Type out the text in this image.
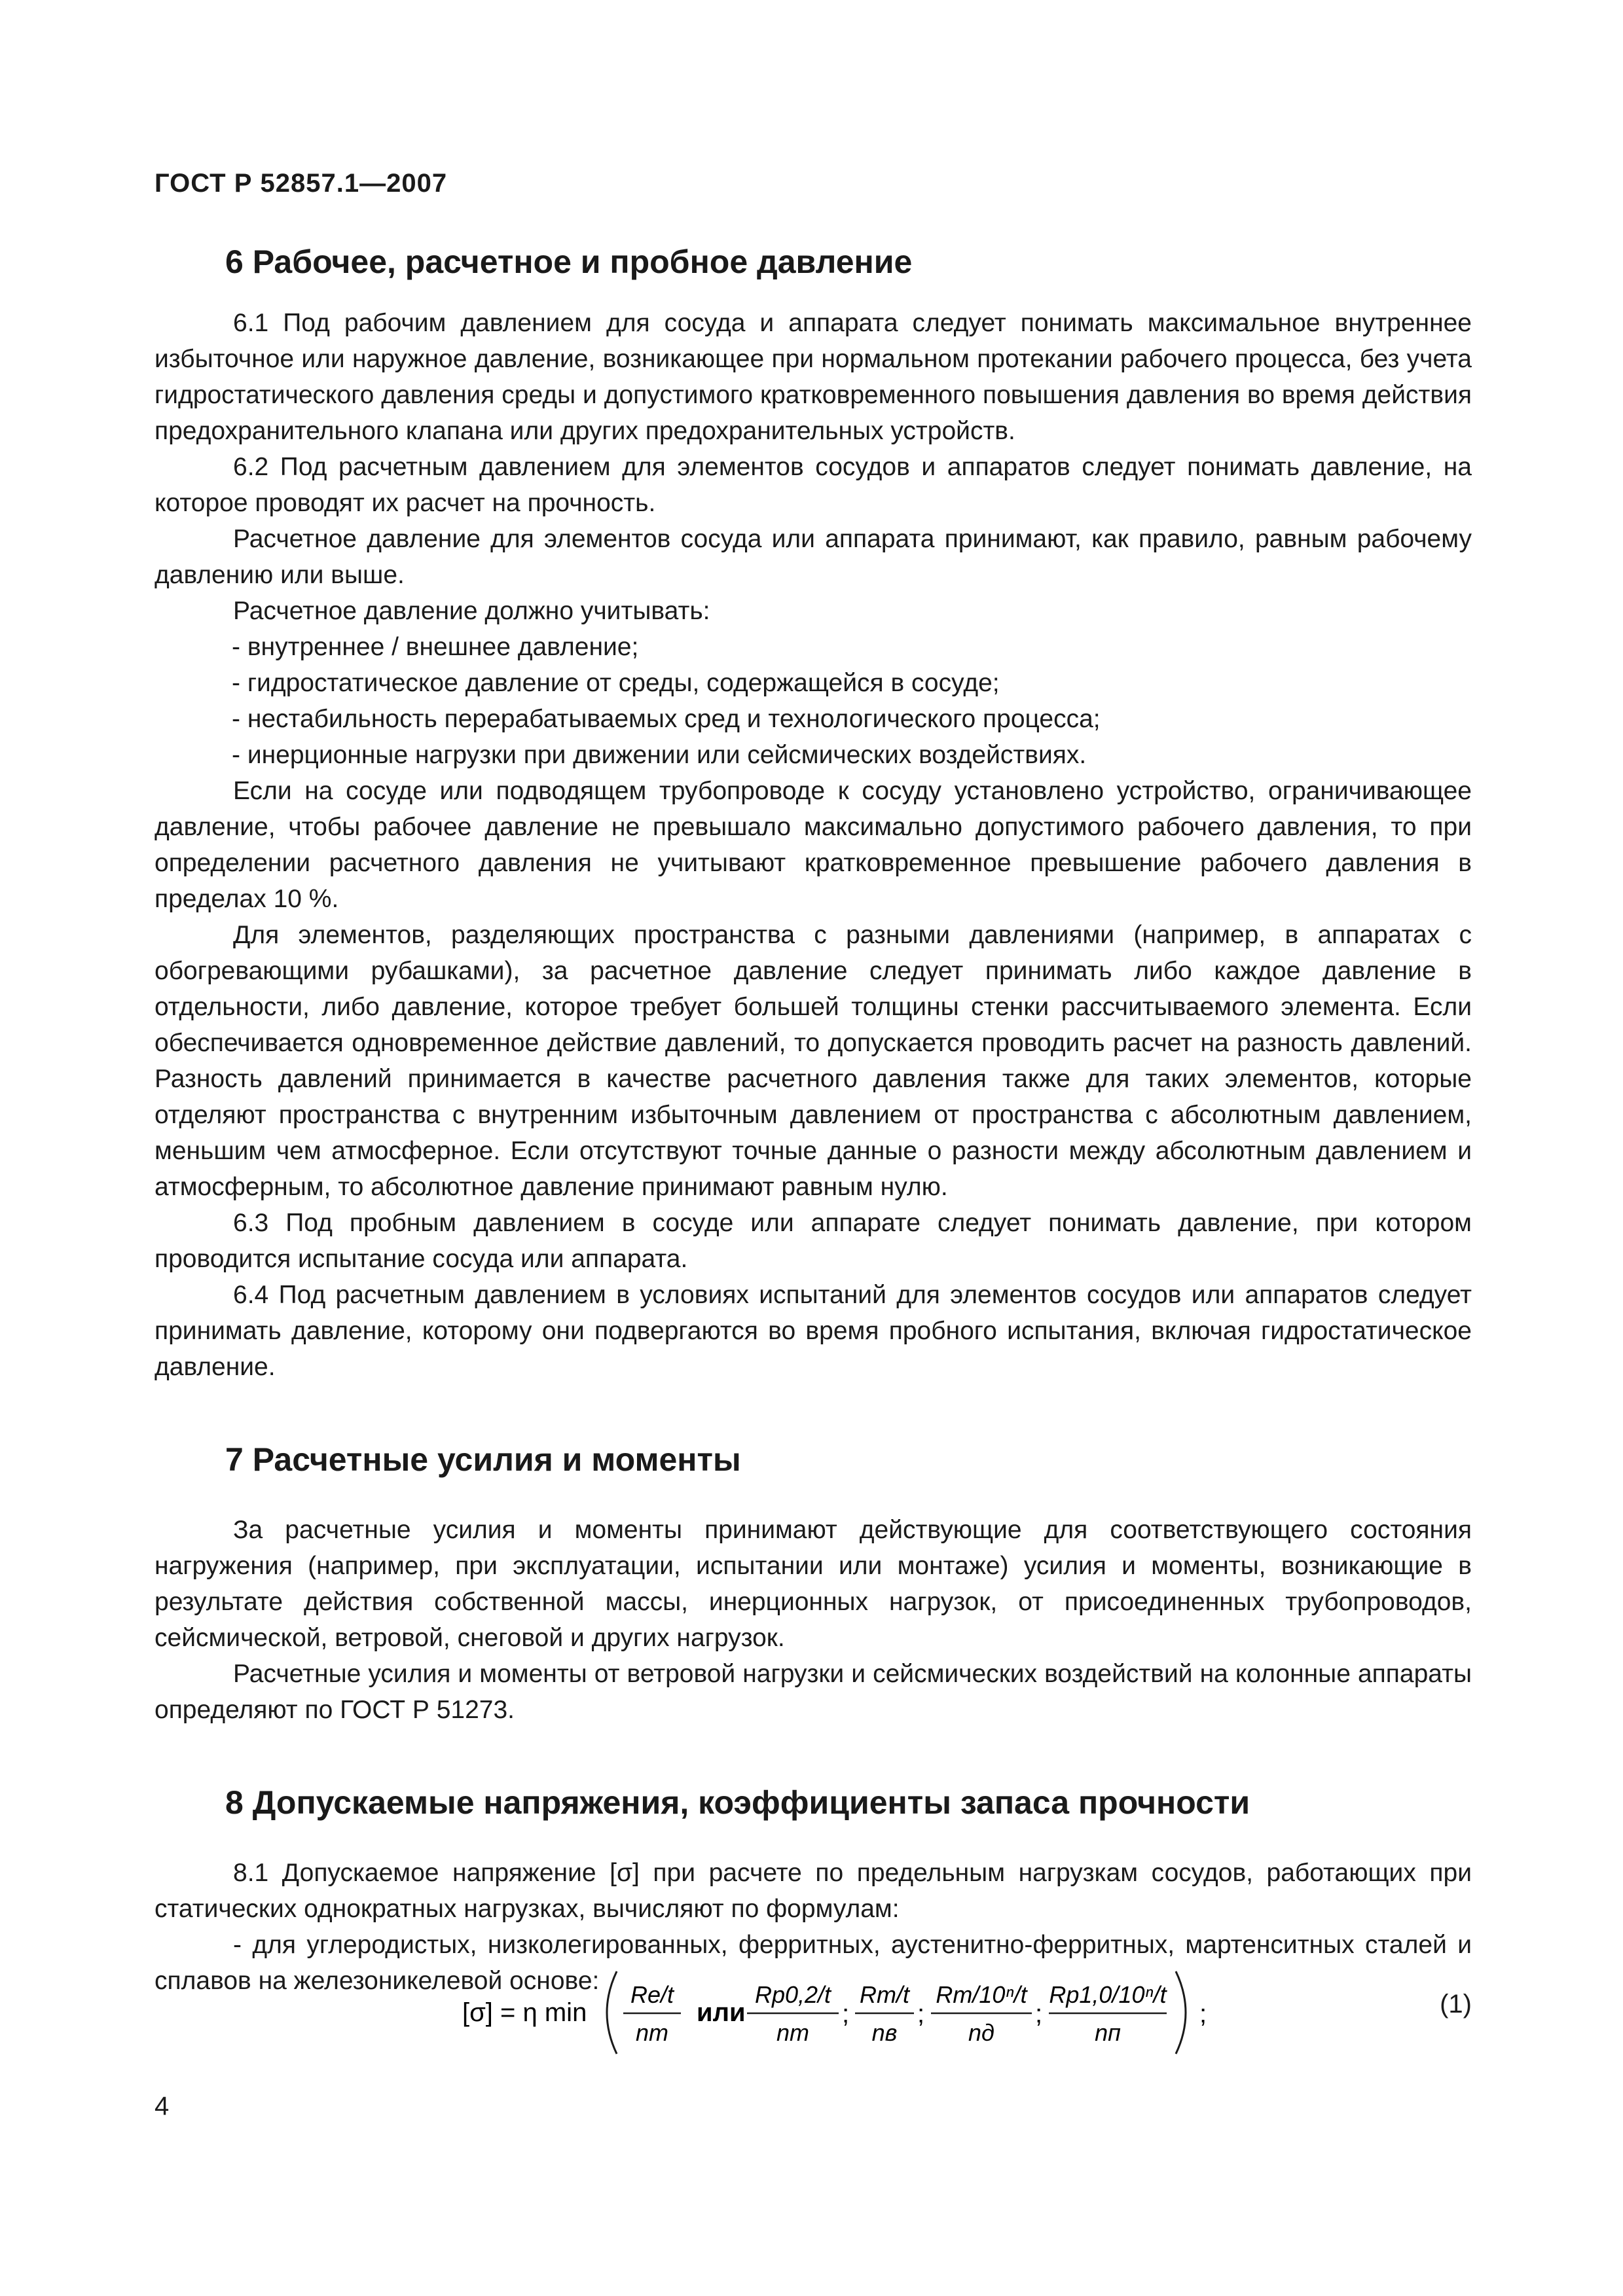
ГОСТ Р 52857.1—2007
6 Рабочее, расчетное и пробное давление

6.1 Под рабочим давлением для сосуда и аппарата следует понимать максимальное внутреннее избыточное или наружное давление, возникающее при нормальном протекании рабочего процесса, без учета гидростатического давления среды и допустимого кратковременного повышения давления во время действия предохранительного клапана или других предохранительных устройств.

6.2 Под расчетным давлением для элементов сосудов и аппаратов следует понимать давление, на которое проводят их расчет на прочность.

Расчетное давление для элементов сосуда или аппарата принимают, как правило, равным рабочему давлению или выше.

Расчетное давление должно учитывать:

- внутреннее / внешнее давление;

- гидростатическое давление от среды, содержащейся в сосуде;

- нестабильность перерабатываемых сред и технологического процесса;

- инерционные нагрузки при движении или сейсмических воздействиях.

Если на сосуде или подводящем трубопроводе к сосуду установлено устройство, ограничивающее давление, чтобы рабочее давление не превышало максимально допустимого рабочего давления, то при определении расчетного давления не учитывают кратковременное превышение рабочего давления в пределах 10 %.

Для элементов, разделяющих пространства с разными давлениями (например, в аппаратах с обогревающими рубашками), за расчетное давление следует принимать либо каждое давление в отдельности, либо давление, которое требует большей толщины стенки рассчитываемого элемента. Если обеспечивается одновременное действие давлений, то допускается проводить расчет на разность давлений. Разность давлений принимается в качестве расчетного давления также для таких элементов, которые отделяют пространства с внутренним избыточным давлением от пространства с абсолютным давлением, меньшим чем атмосферное. Если отсутствуют точные данные о разности между абсолютным давлением и атмосферным, то абсолютное давление принимают равным нулю.

6.3 Под пробным давлением в сосуде или аппарате следует понимать давление, при котором проводится испытание сосуда или аппарата.

6.4 Под расчетным давлением в условиях испытаний для элементов сосудов или аппаратов следует принимать давление, которому они подвергаются во время пробного испытания, включая гидростатическое давление.

7 Расчетные усилия и моменты

За расчетные усилия и моменты принимают действующие для соответствующего состояния нагружения (например, при эксплуатации, испытании или монтаже) усилия и моменты, возникающие в результате действия собственной массы, инерционных нагрузок, от присоединенных трубопроводов, сейсмической, ветровой, снеговой и других нагрузок.

Расчетные усилия и моменты от ветровой нагрузки и сейсмических воздействий на колонные аппараты определяют по ГОСТ Р 51273.

8 Допускаемые напряжения, коэффициенты запаса прочности

8.1 Допускаемое напряжение [σ] при расчете по предельным нагрузкам сосудов, работающих при статических однократных нагрузках, вычисляют по формулам:

- для углеродистых, низколегированных, ферритных, аустенитно-ферритных, мартенситных сталей и сплавов на железоникелевой основе:

[σ] = η min
Re/t
nт
или
Rp0,2/t
nт
;
Rm/t
nв
;
Rm/10ⁿ/t
nд
;
Rp1,0/10ⁿ/t
nп
;	(1)
4
